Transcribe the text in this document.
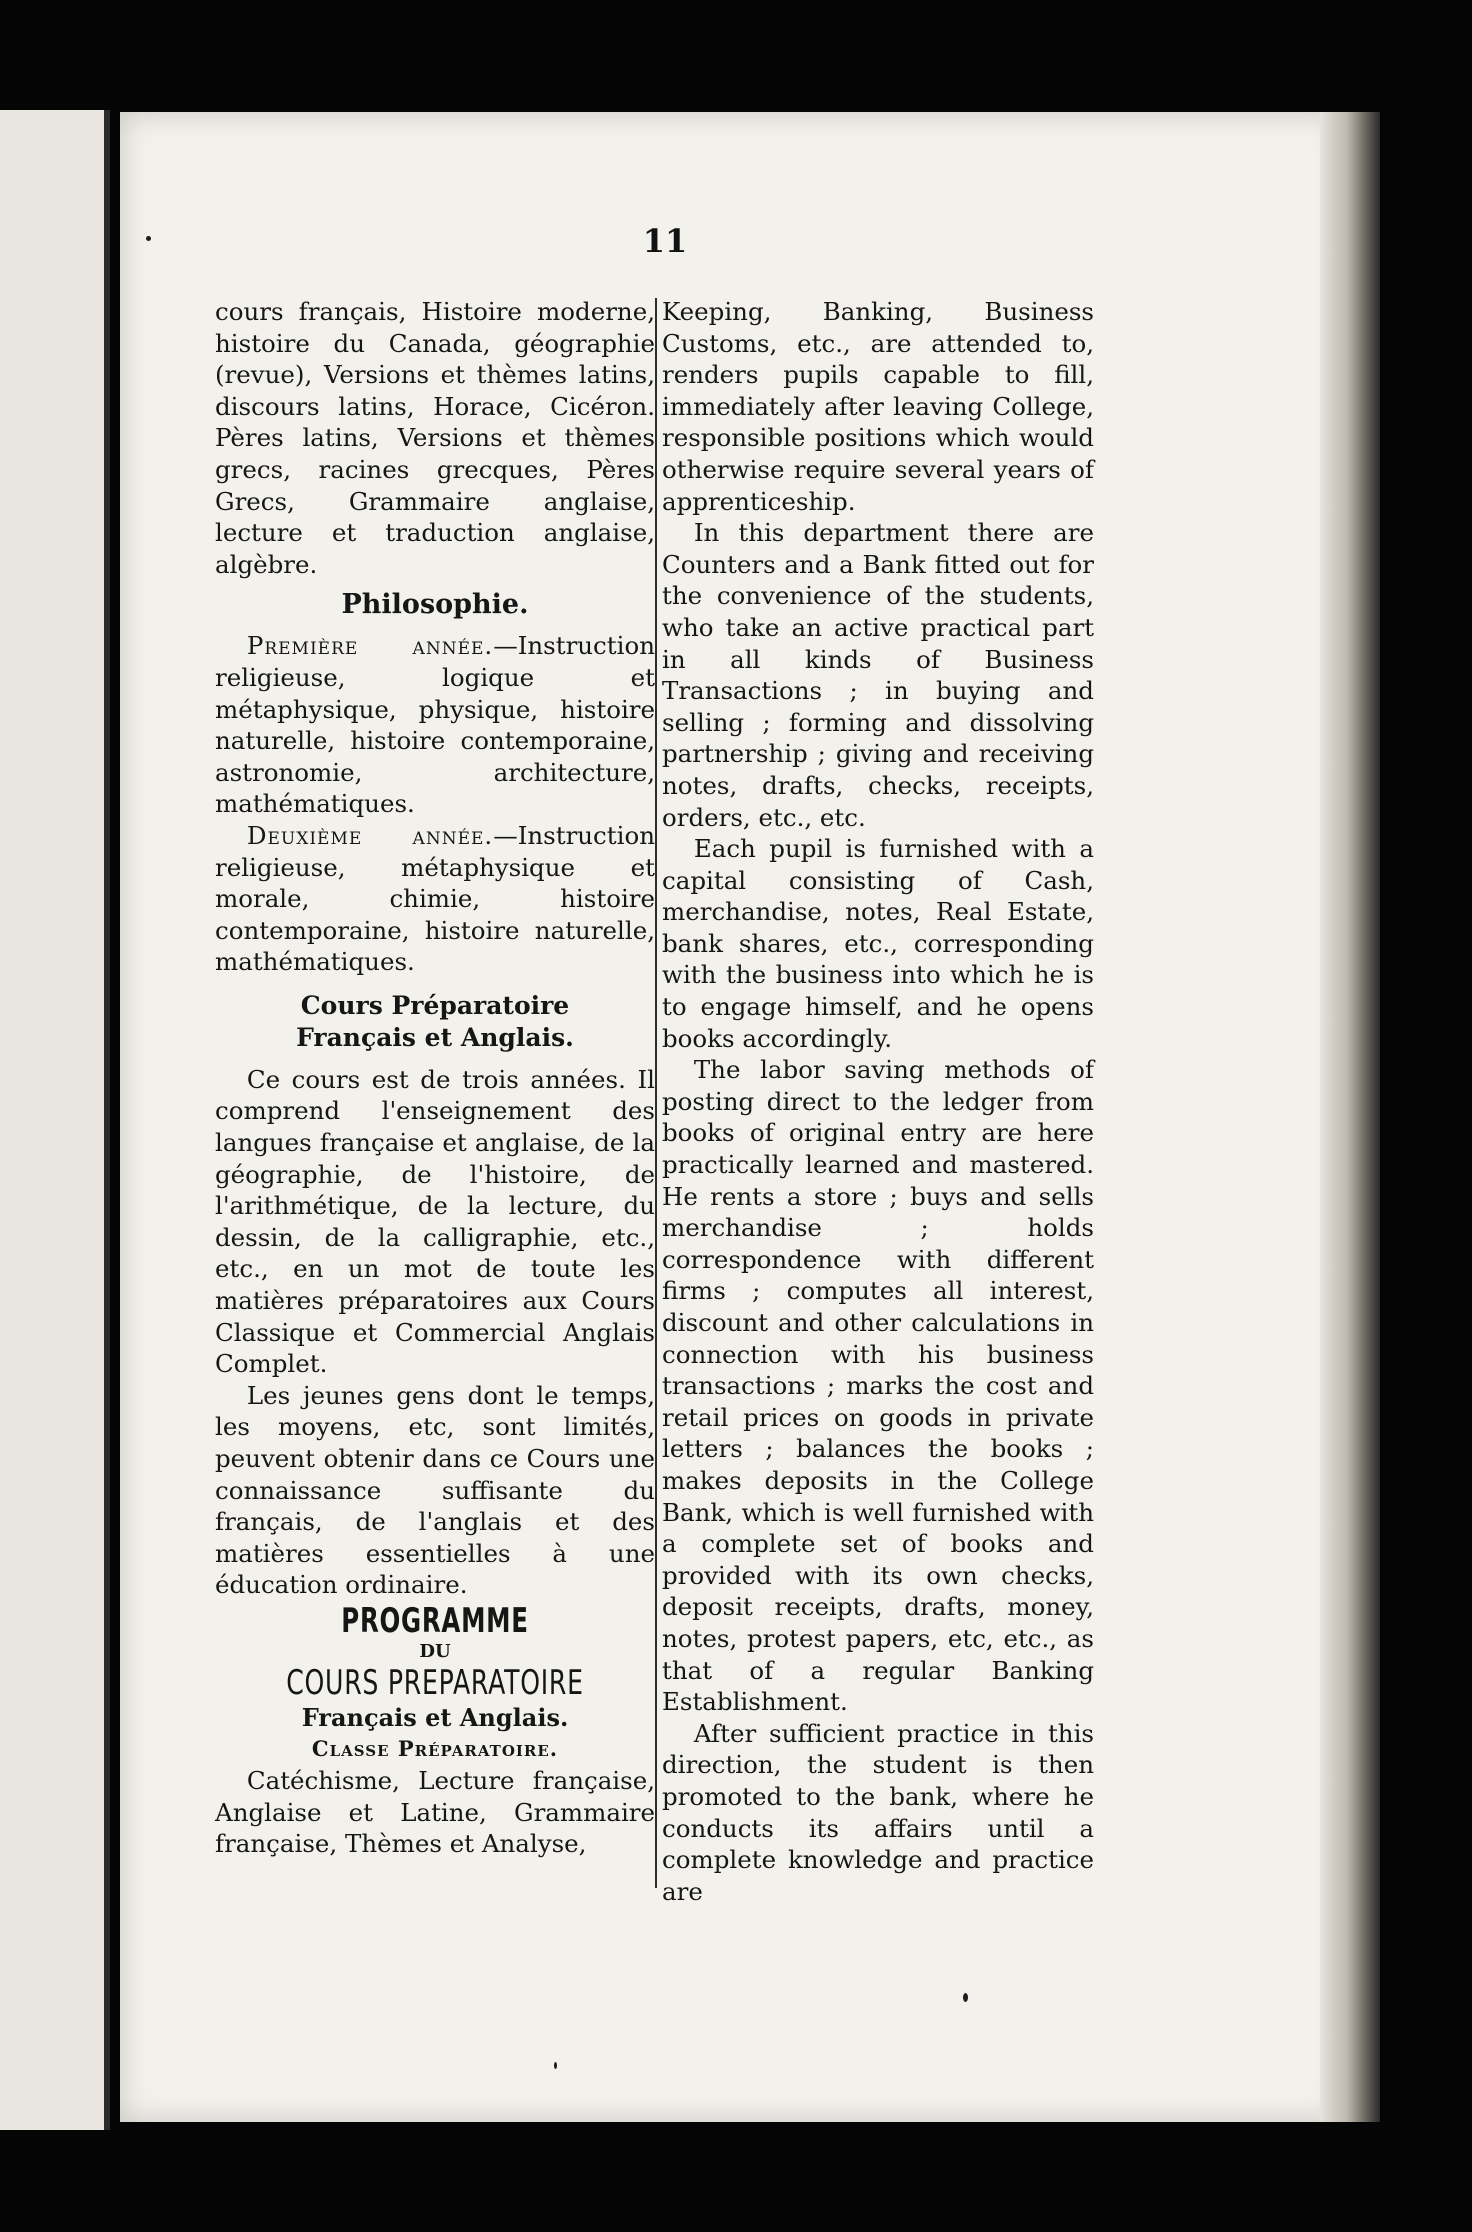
11

cours français, Histoire moderne, histoire du Canada, géographie (revue), Versions et thèmes latins, discours latins, Horace, Cicéron. Pères latins, Versions et thèmes grecs, racines grecques, Pères Grecs, Grammaire anglaise, lecture et traduction anglaise, algèbre.

Philosophie.

Première année.—Instruction religieuse, logique et métaphysique, physique, histoire naturelle, histoire contemporaine, astronomie, architecture, mathématiques.

Deuxième année.—Instruction religieuse, métaphysique et morale, chimie, histoire contemporaine, histoire naturelle, mathématiques.

Cours Préparatoire

Français et Anglais.

Ce cours est de trois années. Il comprend l'enseignement des langues française et anglaise, de la géographie, de l'histoire, de l'arithmétique, de la lecture, du dessin, de la calligraphie, etc., etc., en un mot de toute les matières préparatoires aux Cours Classique et Commercial Anglais Complet.

Les jeunes gens dont le temps, les moyens, etc, sont limités, peuvent obtenir dans ce Cours une connaissance suffisante du français, de l'anglais et des matières essentielles à une éducation ordinaire.

PROGRAMME

DU

COURS PREPARATOIRE

Français et Anglais.

Classe Préparatoire.

Catéchisme, Lecture française, Anglaise et Latine, Grammaire française, Thèmes et Analyse,

Keeping, Banking, Business Customs, etc., are attended to, renders pupils capable to fill, immediately after leaving College, responsible positions which would otherwise require several years of apprenticeship.

In this department there are Counters and a Bank fitted out for the convenience of the students, who take an active practical part in all kinds of Business Transactions ; in buying and selling ; forming and dissolving partnership ; giving and receiving notes, drafts, checks, receipts, orders, etc., etc.

Each pupil is furnished with a capital consisting of Cash, merchandise, notes, Real Estate, bank shares, etc., corresponding with the business into which he is to engage himself, and he opens books accordingly.

The labor saving methods of posting direct to the ledger from books of original entry are here practically learned and mastered. He rents a store ; buys and sells merchandise ; holds correspondence with different firms ; computes all interest, discount and other calculations in connection with his business transactions ; marks the cost and retail prices on goods in private letters ; balances the books ; makes deposits in the College Bank, which is well furnished with a complete set of books and provided with its own checks, deposit receipts, drafts, money, notes, protest papers, etc, etc., as that of a regular Banking Establishment.

After sufficient practice in this direction, the student is then promoted to the bank, where he conducts its affairs until a complete knowledge and practice are
